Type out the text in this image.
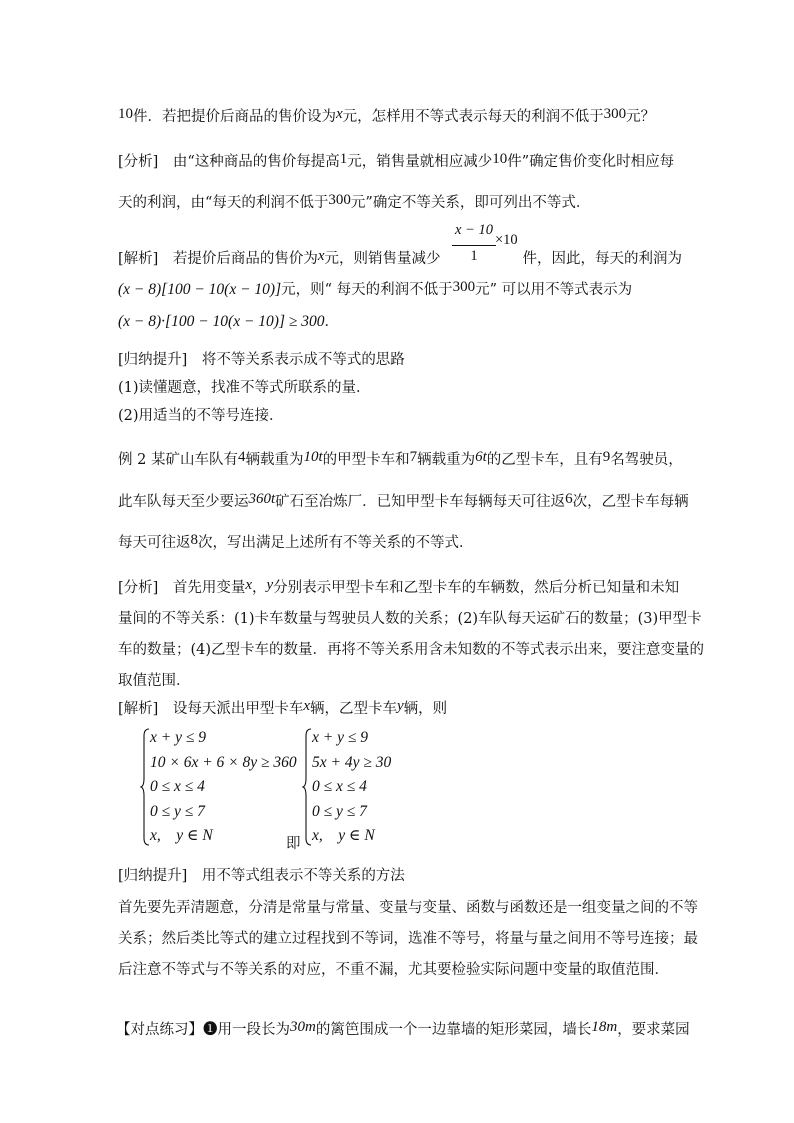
10件．若把提价后商品的售价设为x元，怎样用不等式表示每天的利润不低于300元？
[分析]　由“这种商品的售价每提高1元，销售量就相应减少10件”确定售价变化时相应每
天的利润，由“每天的利润不低于300元”确定不等关系，即可列出不等式．
x − 10
1
×10
[解析]　若提价后商品的售价为x元，则销售量减少	件，因此，每天的利润为
(x − 8)[100 − 10(x − 10)]元，则“ 每天的利润不低于300元” 可以用不等式表示为
(x − 8)·[100 − 10(x − 10)] ≥ 300．
[归纳提升]　将不等关系表示成不等式的思路
(1)读懂题意，找准不等式所联系的量．
(2)用适当的不等号连接．
例 2 某矿山车队有4辆载重为10t的甲型卡车和7辆载重为6t的乙型卡车，且有9名驾驶员，
此车队每天至少要运360t矿石至冶炼厂．已知甲型卡车每辆每天可往返6次，乙型卡车每辆
每天可往返8次，写出满足上述所有不等关系的不等式．
[分析]　首先用变量x，y分别表示甲型卡车和乙型卡车的车辆数，然后分析已知量和未知
量间的不等关系：(1)卡车数量与驾驶员人数的关系；(2)车队每天运矿石的数量；(3)甲型卡
车的数量；(4)乙型卡车的数量．再将不等关系用含未知数的不等式表示出来，要注意变量的
取值范围．
[解析]　设每天派出甲型卡车x辆，乙型卡车y辆，则
x + y ≤ 9
10 × 6x + 6 × 8y ≥ 360
0 ≤ x ≤ 4
0 ≤ y ≤ 7
x,　y ∈ N	即
x + y ≤ 9
5x + 4y ≥ 30
0 ≤ x ≤ 4
0 ≤ y ≤ 7
x,　y ∈ N
[归纳提升]　用不等式组表示不等关系的方法
首先要先弄清题意，分清是常量与常量、变量与变量、函数与函数还是一组变量之间的不等
关系；然后类比等式的建立过程找到不等词，选准不等号，将量与量之间用不等号连接；最
后注意不等式与不等关系的对应，不重不漏，尤其要检验实际问题中变量的取值范围．
【对点练习】❶用一段长为30m的篱笆围成一个一边靠墙的矩形菜园，墙长18m，要求菜园
